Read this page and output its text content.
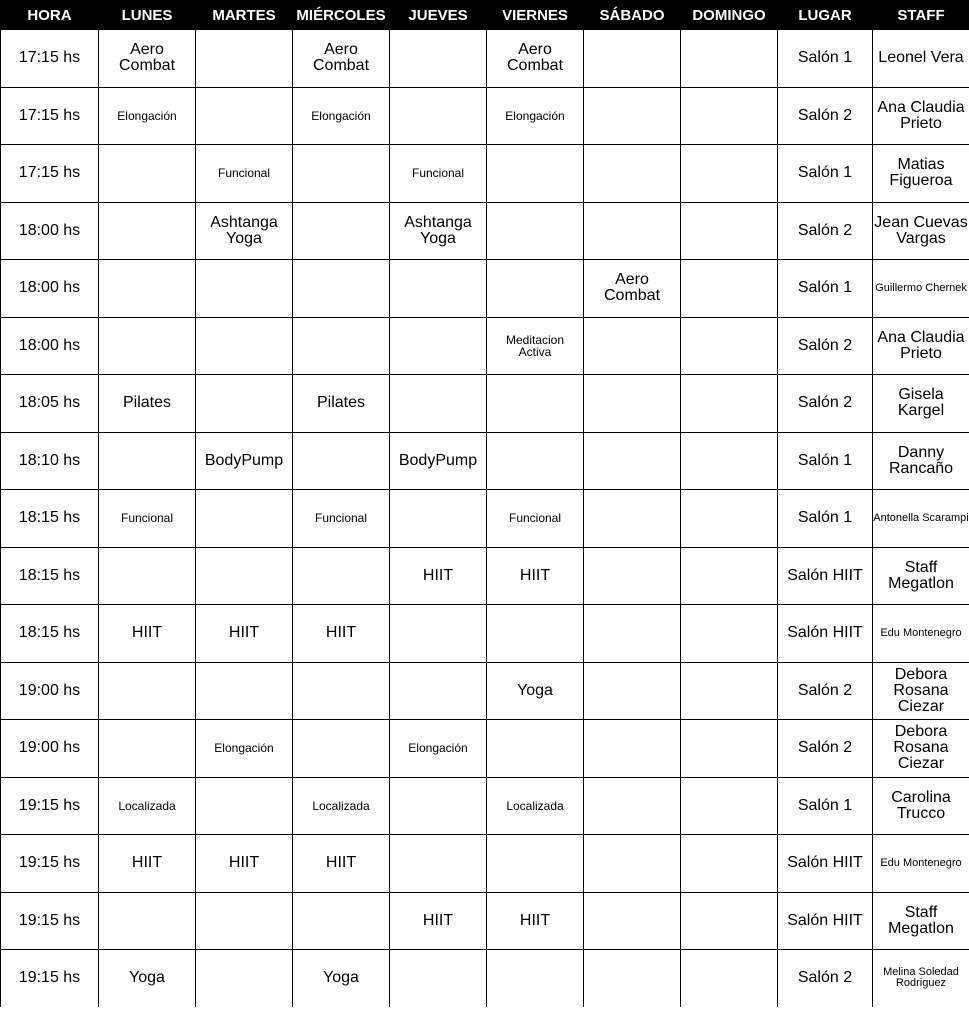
HORA	LUNES	MARTES	MIÉRCOLES	JUEVES	VIERNES	SÁBADO	DOMINGO	LUGAR	STAFF
17:15 hs	Aero Combat		Aero Combat		Aero Combat			Salón 1	Leonel Vera
17:15 hs	Elongación		Elongación		Elongación			Salón 2	Ana Claudia Prieto
17:15 hs		Funcional		Funcional				Salón 1	Matias Figueroa
18:00 hs		Ashtanga Yoga		Ashtanga Yoga				Salón 2	Jean Cuevas Vargas
18:00 hs						Aero Combat		Salón 1	Guillermo Chernek
18:00 hs					Meditacion Activa			Salón 2	Ana Claudia Prieto
18:05 hs	Pilates		Pilates					Salón 2	Gisela Kargel
18:10 hs		BodyPump		BodyPump				Salón 1	Danny Rancaño
18:15 hs	Funcional		Funcional		Funcional			Salón 1	Antonella Scarampi
18:15 hs				HIIT	HIIT			Salón HIIT	Staff Megatlon
18:15 hs	HIIT	HIIT	HIIT					Salón HIIT	Edu Montenegro
19:00 hs					Yoga			Salón 2	Debora Rosana Ciezar
19:00 hs		Elongación		Elongación				Salón 2	Debora Rosana Ciezar
19:15 hs	Localizada		Localizada		Localizada			Salón 1	Carolina Trucco
19:15 hs	HIIT	HIIT	HIIT					Salón HIIT	Edu Montenegro
19:15 hs				HIIT	HIIT			Salón HIIT	Staff Megatlon
19:15 hs	Yoga		Yoga					Salón 2	Melina Soledad Rodriguez
